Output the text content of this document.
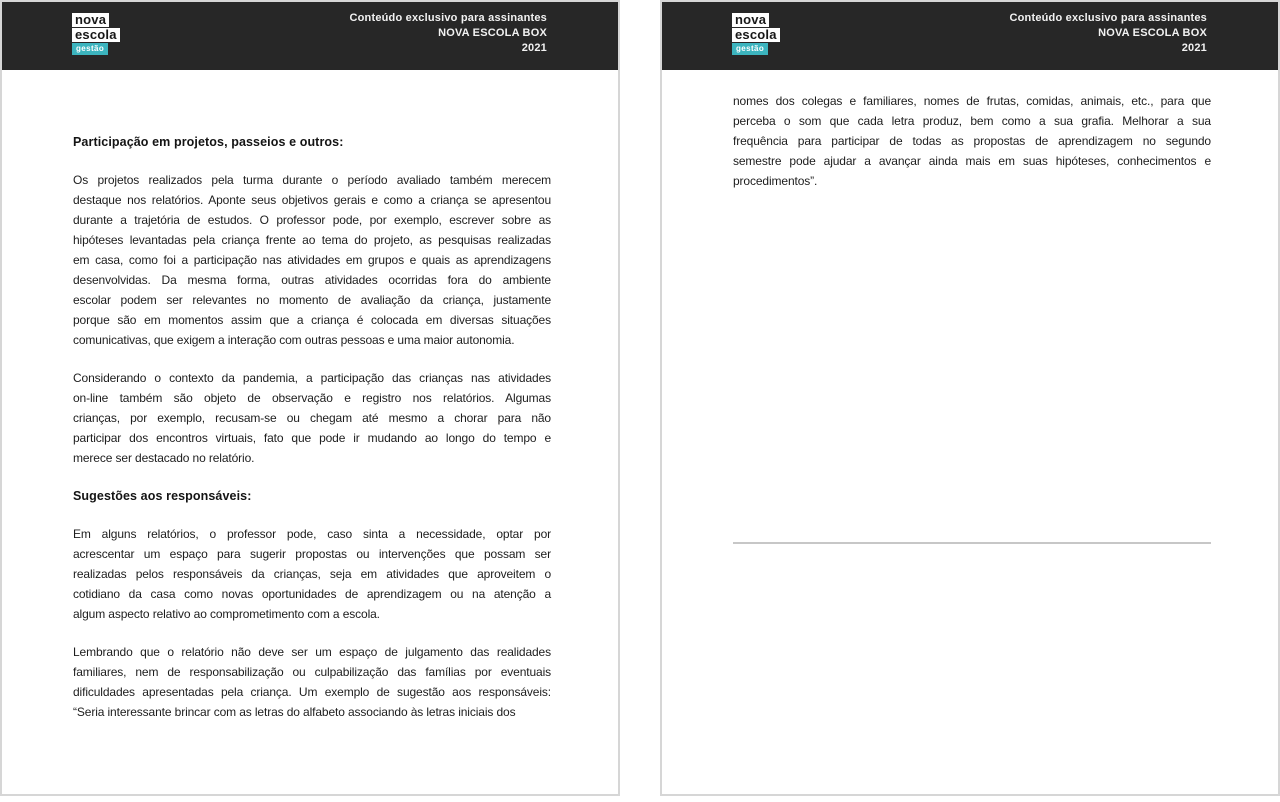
nova
escola
gestão
Conteúdo exclusivo para assinantes
NOVA ESCOLA BOX
2021
Participação em projetos, passeios e outros:
Os projetos realizados pela turma durante o período avaliado também merecem
destaque nos relatórios. Aponte seus objetivos gerais e como a criança se apresentou
durante a trajetória de estudos. O professor pode, por exemplo, escrever sobre as
hipóteses levantadas pela criança frente ao tema do projeto, as pesquisas realizadas
em casa, como foi a participação nas atividades em grupos e quais as aprendizagens
desenvolvidas. Da mesma forma, outras atividades ocorridas fora do ambiente
escolar podem ser relevantes no momento de avaliação da criança, justamente
porque são em momentos assim que a criança é colocada em diversas situações
comunicativas, que exigem a interação com outras pessoas e uma maior autonomia.
Considerando o contexto da pandemia, a participação das crianças nas atividades
on-line também são objeto de observação e registro nos relatórios. Algumas
crianças, por exemplo, recusam-se ou chegam até mesmo a chorar para não
participar dos encontros virtuais, fato que pode ir mudando ao longo do tempo e
merece ser destacado no relatório.
Sugestões aos responsáveis:
Em alguns relatórios, o professor pode, caso sinta a necessidade, optar por
acrescentar um espaço para sugerir propostas ou intervenções que possam ser
realizadas pelos responsáveis da crianças, seja em atividades que aproveitem o
cotidiano da casa como novas oportunidades de aprendizagem ou na atenção a
algum aspecto relativo ao comprometimento com a escola.
Lembrando que o relatório não deve ser um espaço de julgamento das realidades
familiares, nem de responsabilização ou culpabilização das famílias por eventuais
dificuldades apresentadas pela criança. Um exemplo de sugestão aos responsáveis:
“Seria interessante brincar com as letras do alfabeto associando às letras iniciais dos
nova
escola
gestão
Conteúdo exclusivo para assinantes
NOVA ESCOLA BOX
2021
nomes dos colegas e familiares, nomes de frutas, comidas, animais, etc., para que
perceba o som que cada letra produz, bem como a sua grafia. Melhorar a sua
frequência para participar de todas as propostas de aprendizagem no segundo
semestre pode ajudar a avançar ainda mais em suas hipóteses, conhecimentos e
procedimentos”.
